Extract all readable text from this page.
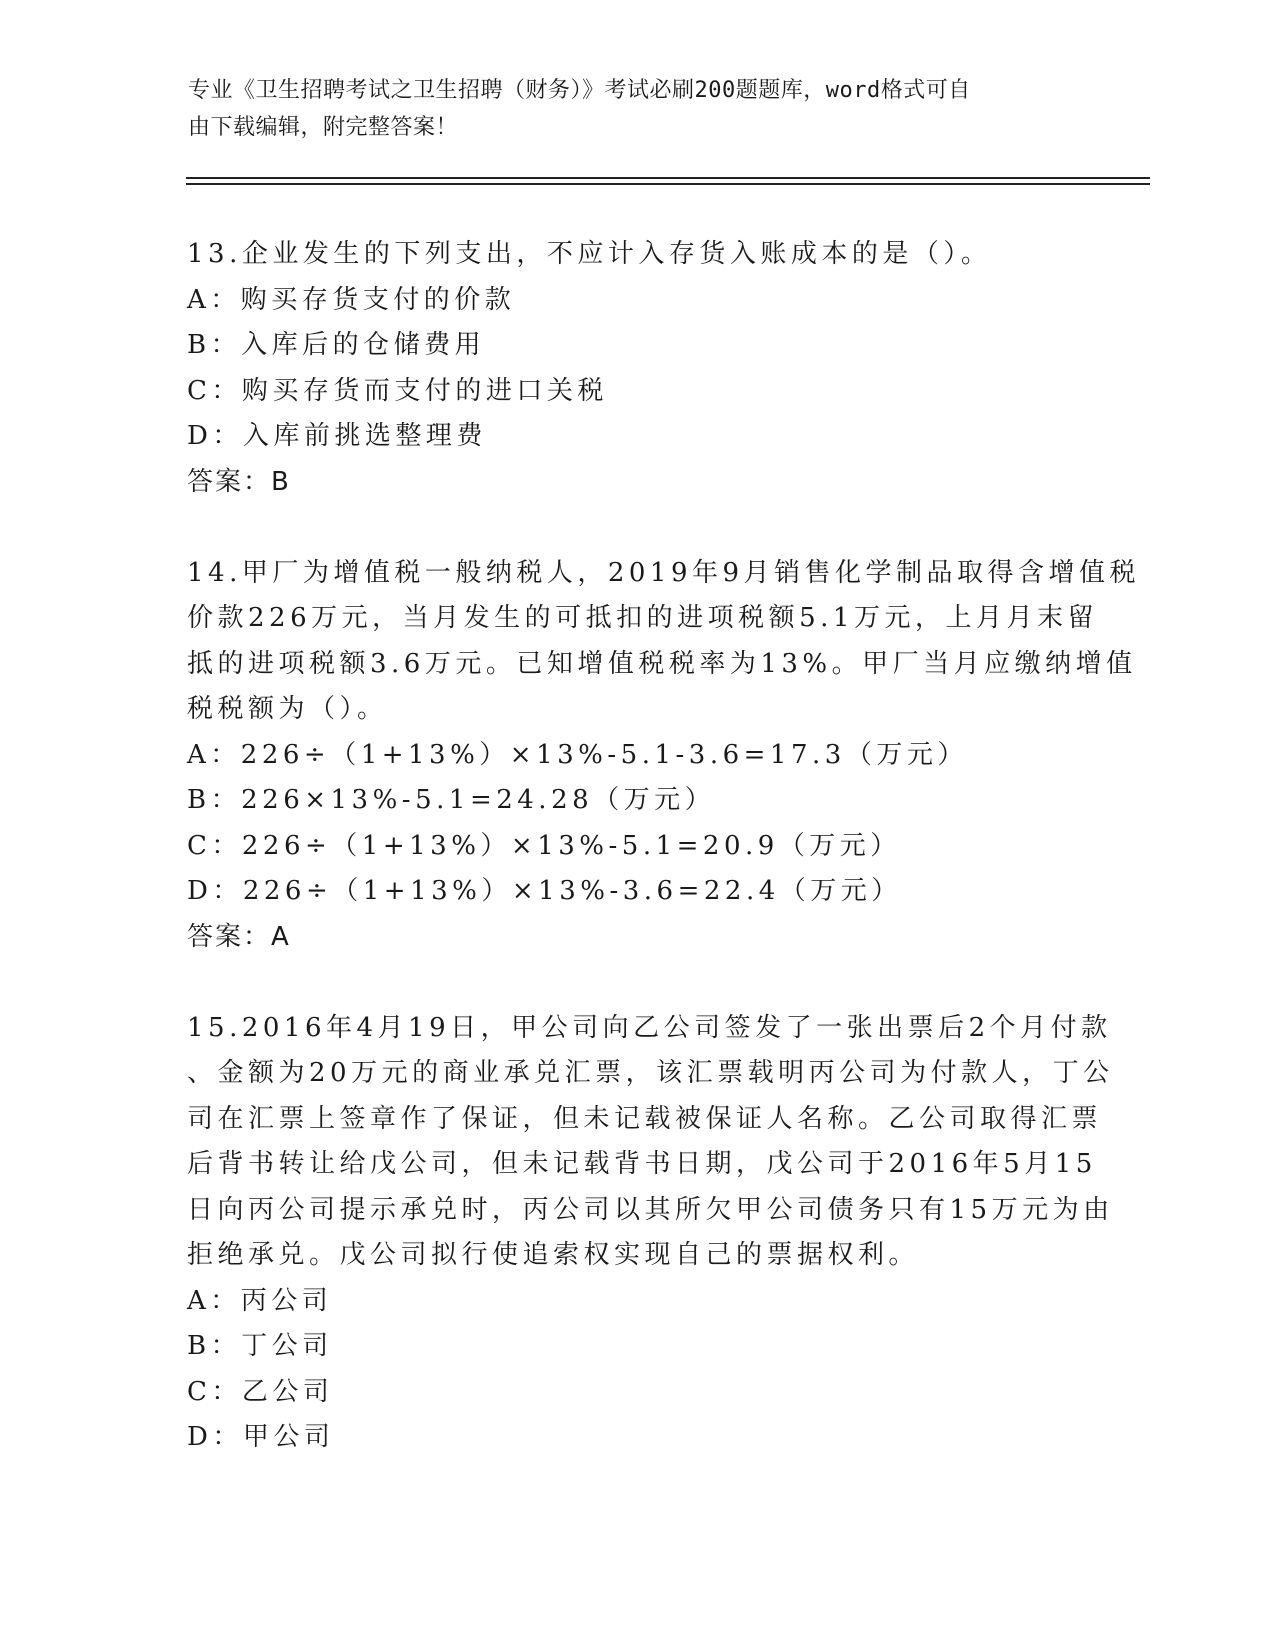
专业《卫生招聘考试之卫生招聘（财务）》考试必刷200题题库，word格式可自
由下载编辑，附完整答案！
13.企业发生的下列支出，不应计入存货入账成本的是（）。
A：购买存货支付的价款
B：入库后的仓储费用
C：购买存货而支付的进口关税
D：入库前挑选整理费
答案：B
14.甲厂为增值税一般纳税人，2019年9月销售化学制品取得含增值税
价款226万元，当月发生的可抵扣的进项税额5.1万元，上月月末留
抵的进项税额3.6万元。已知增值税税率为13%。甲厂当月应缴纳增值
税税额为（）。
A：226÷（1+13%）×13%-5.1-3.6=17.3（万元）
B：226×13%-5.1=24.28（万元）
C：226÷（1+13%）×13%-5.1=20.9（万元）
D：226÷（1+13%）×13%-3.6=22.4（万元）
答案：A
15.2016年4月19日，甲公司向乙公司签发了一张出票后2个月付款
、金额为20万元的商业承兑汇票，该汇票载明丙公司为付款人，丁公
司在汇票上签章作了保证，但未记载被保证人名称。乙公司取得汇票
后背书转让给戊公司，但未记载背书日期，戊公司于2016年5月15
日向丙公司提示承兑时，丙公司以其所欠甲公司债务只有15万元为由
拒绝承兑。戊公司拟行使追索权实现自己的票据权利。
A：丙公司
B：丁公司
C：乙公司
D：甲公司
